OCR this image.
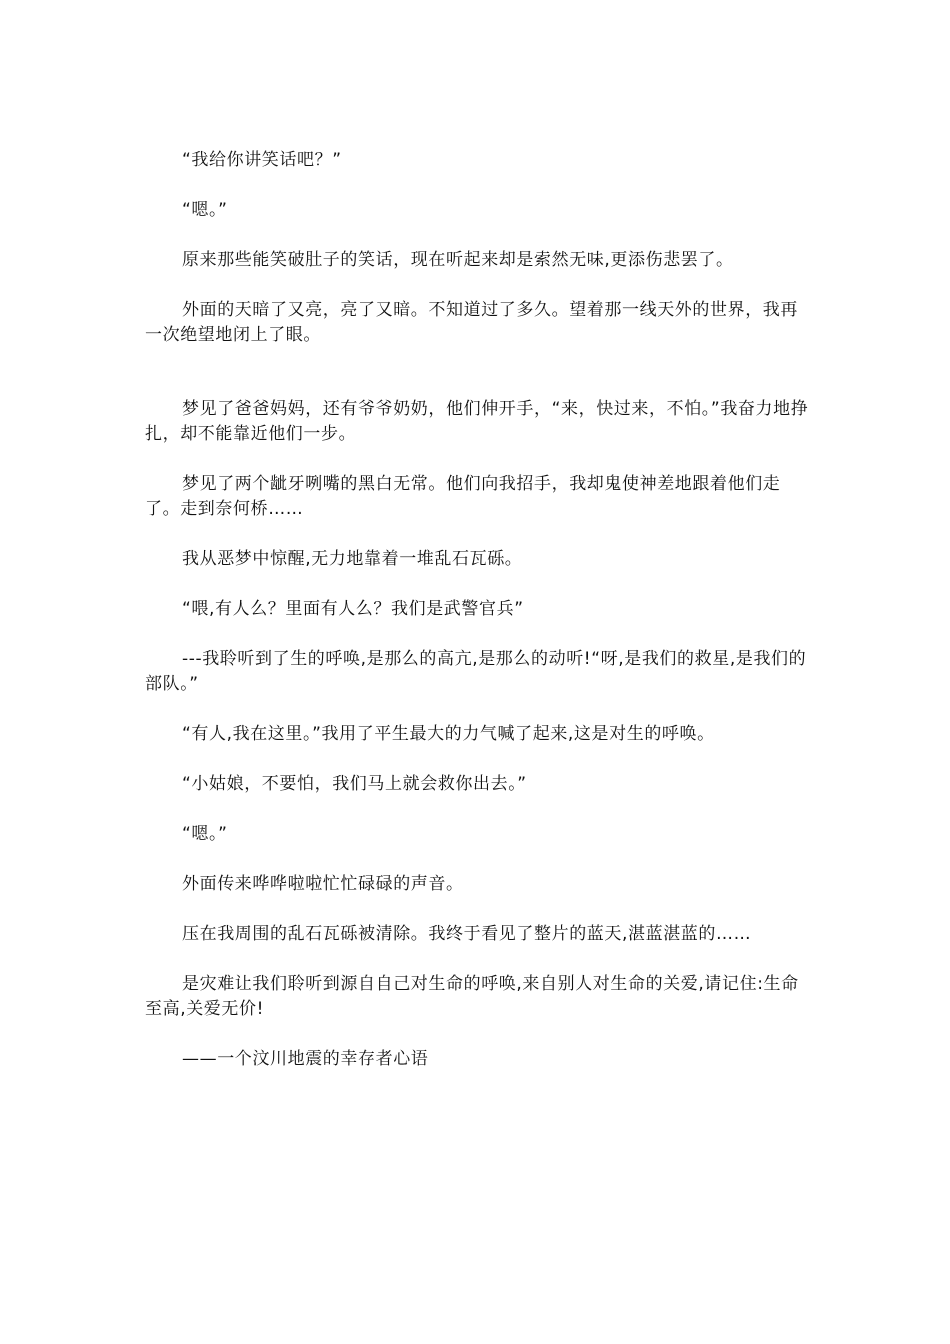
“我给你讲笑话吧？”

“嗯。”

原来那些能笑破肚子的笑话，现在听起来却是索然无味,更添伤悲罢了。

外面的天暗了又亮，亮了又暗。不知道过了多久。望着那一线天外的世界，我再一次绝望地闭上了眼。

梦见了爸爸妈妈，还有爷爷奶奶，他们伸开手，“来，快过来，不怕。”我奋力地挣扎，却不能靠近他们一步。

梦见了两个龇牙咧嘴的黑白无常。他们向我招手，我却鬼使神差地跟着他们走了。走到奈何桥……

我从恶梦中惊醒,无力地靠着一堆乱石瓦砾。

“喂,有人么？里面有人么？我们是武警官兵”

---我聆听到了生的呼唤,是那么的高亢,是那么的动听!“呀,是我们的救星,是我们的部队。”

“有人,我在这里。”我用了平生最大的力气喊了起来,这是对生的呼唤。

“小姑娘，不要怕，我们马上就会救你出去。”

“嗯。”

外面传来哗哗啦啦忙忙碌碌的声音。

压在我周围的乱石瓦砾被清除。我终于看见了整片的蓝天,湛蓝湛蓝的……

是灾难让我们聆听到源自自己对生命的呼唤,来自别人对生命的关爱,请记住:生命至高,关爱无价!

——一个汶川地震的幸存者心语
